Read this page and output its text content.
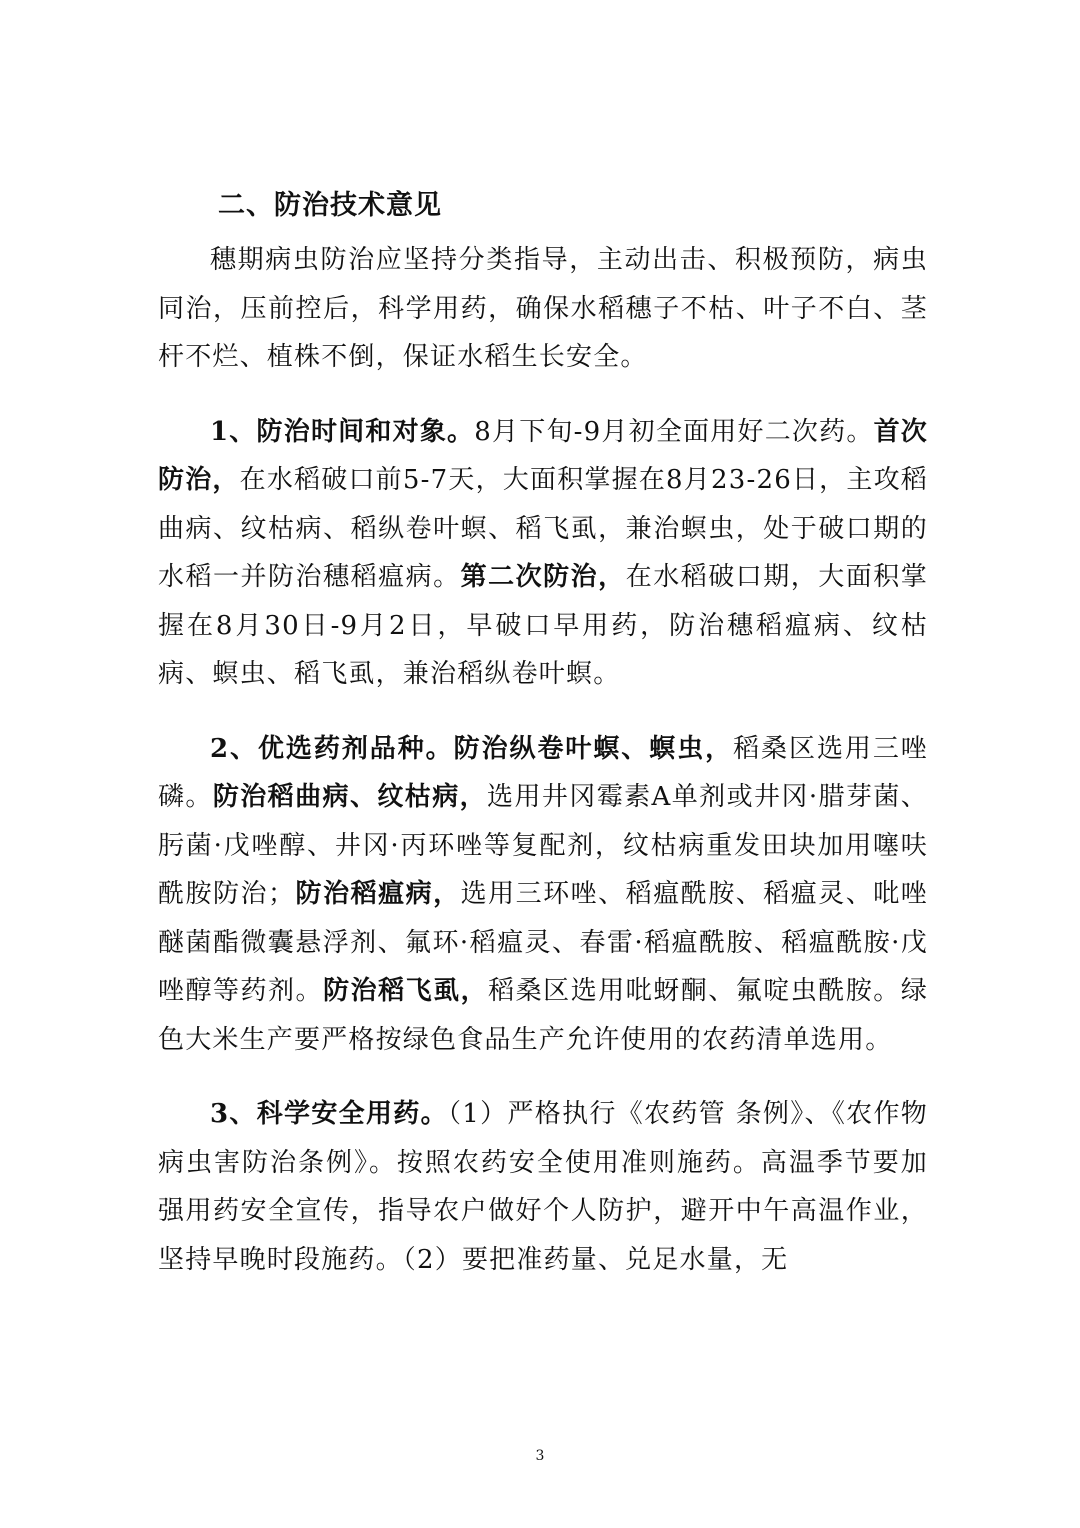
二、防治技术意见

穗期病虫防治应坚持分类指导，主动出击、积极预防，病虫同治，压前控后，科学用药，确保水稻穗子不枯、叶子不白、茎杆不烂、植株不倒，保证水稻生长安全。

1、防治时间和对象。8月下旬-9月初全面用好二次药。首次防治，在水稻破口前5-7天，大面积掌握在8月23-26日，主攻稻曲病、纹枯病、稻纵卷叶螟、稻飞虱，兼治螟虫，处于破口期的水稻一并防治穗稻瘟病。第二次防治，在水稻破口期，大面积掌握在8月30日-9月2日，早破口早用药，防治穗稻瘟病、纹枯病、螟虫、稻飞虱，兼治稻纵卷叶螟。

2、优选药剂品种。防治纵卷叶螟、螟虫，稻桑区选用三唑磷。防治稻曲病、纹枯病，选用井冈霉素A单剂或井冈·腊芽菌、肟菌·戊唑醇、井冈·丙环唑等复配剂，纹枯病重发田块加用噻呋酰胺防治；防治稻瘟病，选用三环唑、稻瘟酰胺、稻瘟灵、吡唑醚菌酯微囊悬浮剂、氟环·稻瘟灵、春雷·稻瘟酰胺、稻瘟酰胺·戊唑醇等药剂。防治稻飞虱，稻桑区选用吡蚜酮、氟啶虫酰胺。绿色大米生产要严格按绿色食品生产允许使用的农药清单选用。

3、科学安全用药。（1）严格执行《农药管 条例》、《农作物病虫害防治条例》。按照农药安全使用准则施药。高温季节要加强用药安全宣传，指导农户做好个人防护，避开中午高温作业，坚持早晚时段施药。（2）要把准药量、兑足水量，无

3
